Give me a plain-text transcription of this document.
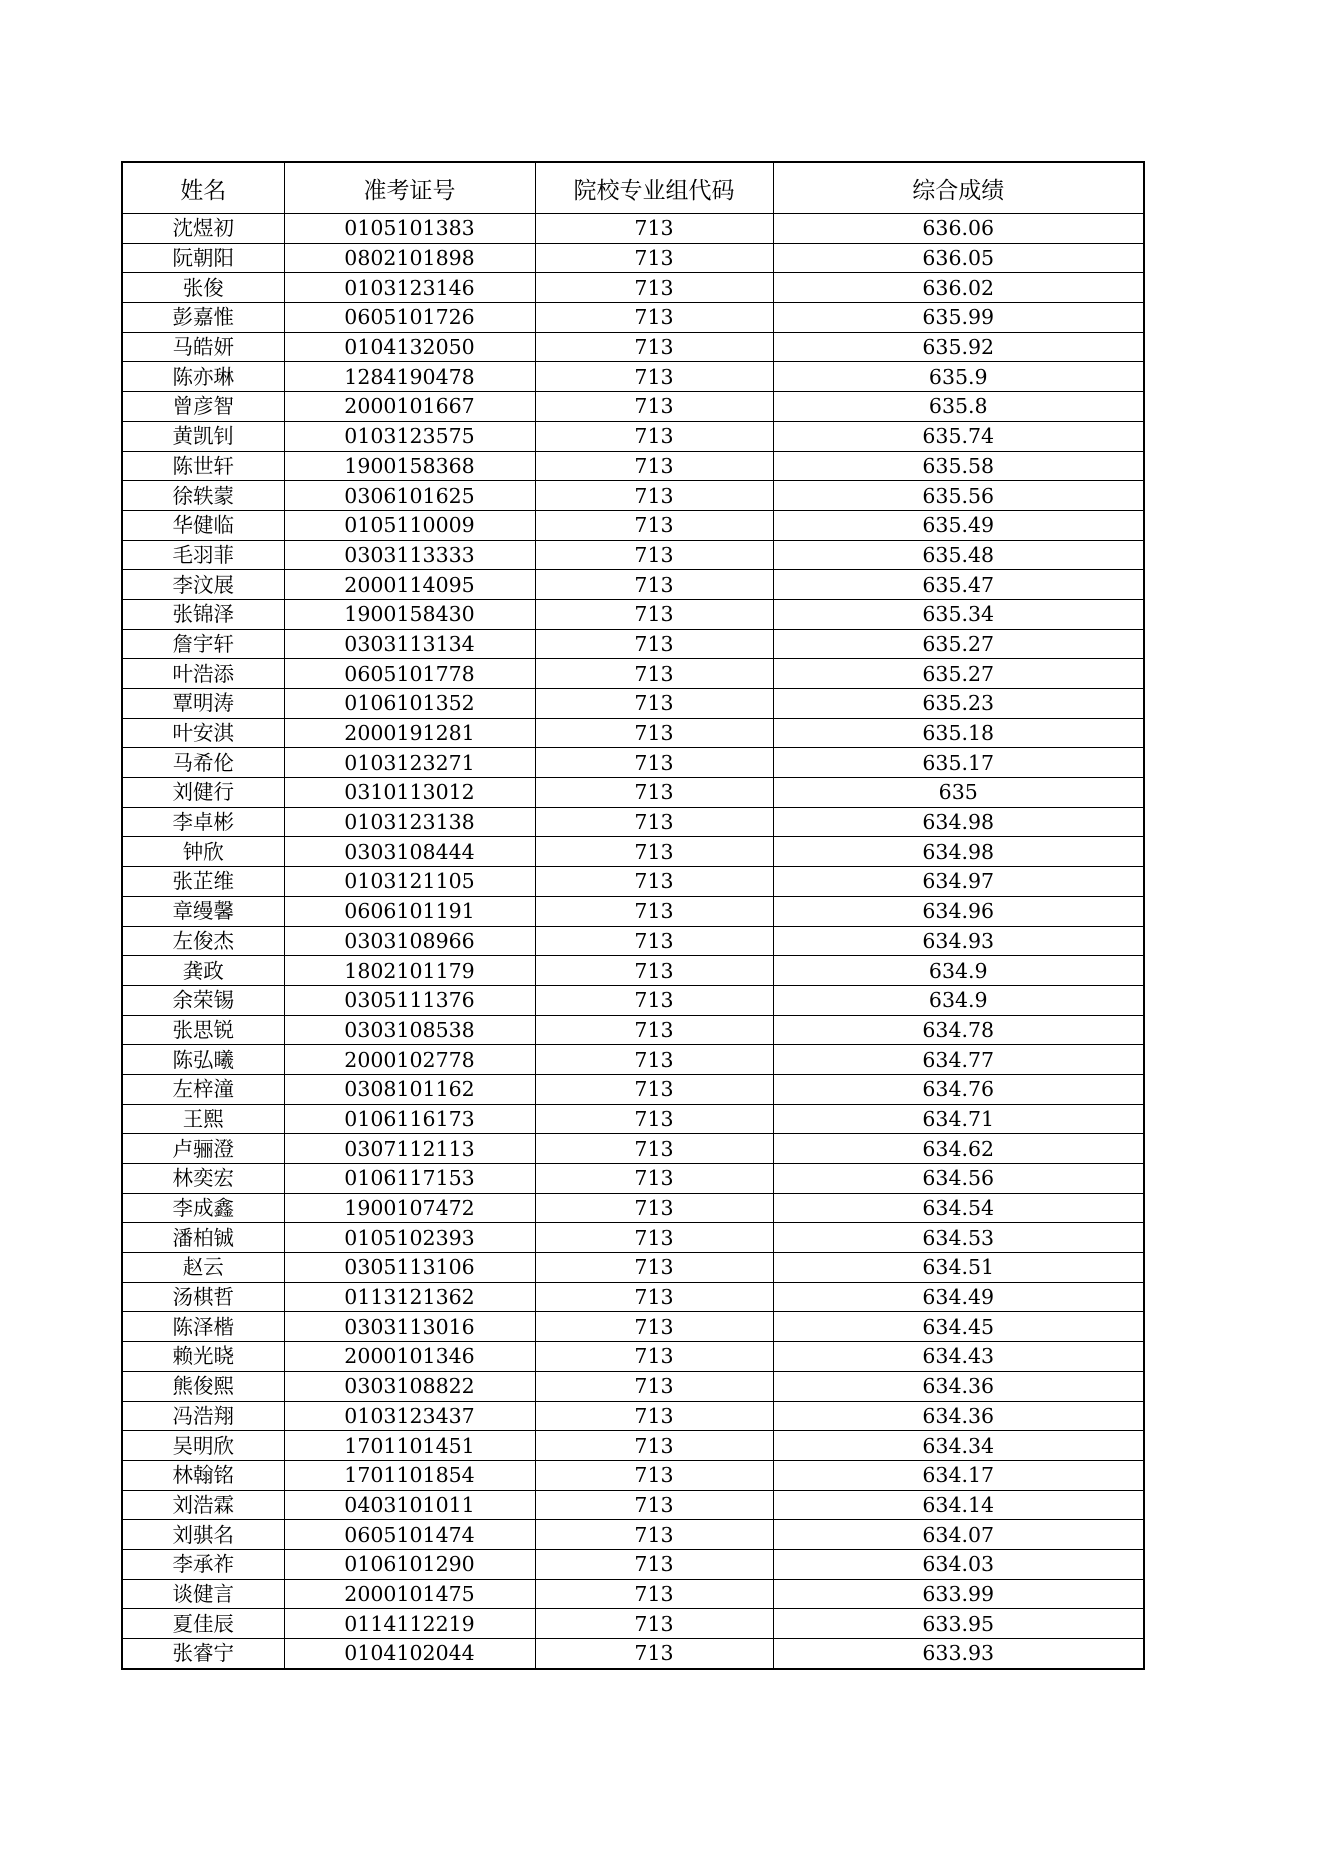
姓名	准考证号	院校专业组代码	综合成绩
沈煜初	0105101383	713	636.06
阮朝阳	0802101898	713	636.05
张俊	0103123146	713	636.02
彭嘉惟	0605101726	713	635.99
马皓妍	0104132050	713	635.92
陈亦琳	1284190478	713	635.9
曾彦智	2000101667	713	635.8
黄凯钊	0103123575	713	635.74
陈世轩	1900158368	713	635.58
徐轶蒙	0306101625	713	635.56
华健临	0105110009	713	635.49
毛羽菲	0303113333	713	635.48
李汶展	2000114095	713	635.47
张锦泽	1900158430	713	635.34
詹宇轩	0303113134	713	635.27
叶浩添	0605101778	713	635.27
覃明涛	0106101352	713	635.23
叶安淇	2000191281	713	635.18
马希伦	0103123271	713	635.17
刘健行	0310113012	713	635
李卓彬	0103123138	713	634.98
钟欣	0303108444	713	634.98
张芷维	0103121105	713	634.97
章缦馨	0606101191	713	634.96
左俊杰	0303108966	713	634.93
龚政	1802101179	713	634.9
余荣锡	0305111376	713	634.9
张思锐	0303108538	713	634.78
陈弘曦	2000102778	713	634.77
左梓潼	0308101162	713	634.76
王熙	0106116173	713	634.71
卢骊澄	0307112113	713	634.62
林奕宏	0106117153	713	634.56
李成鑫	1900107472	713	634.54
潘柏铖	0105102393	713	634.53
赵云	0305113106	713	634.51
汤棋哲	0113121362	713	634.49
陈泽楷	0303113016	713	634.45
赖光晓	2000101346	713	634.43
熊俊熙	0303108822	713	634.36
冯浩翔	0103123437	713	634.36
吴明欣	1701101451	713	634.34
林翰铭	1701101854	713	634.17
刘浩霖	0403101011	713	634.14
刘骐名	0605101474	713	634.07
李承祚	0106101290	713	634.03
谈健言	2000101475	713	633.99
夏佳辰	0114112219	713	633.95
张睿宁	0104102044	713	633.93
